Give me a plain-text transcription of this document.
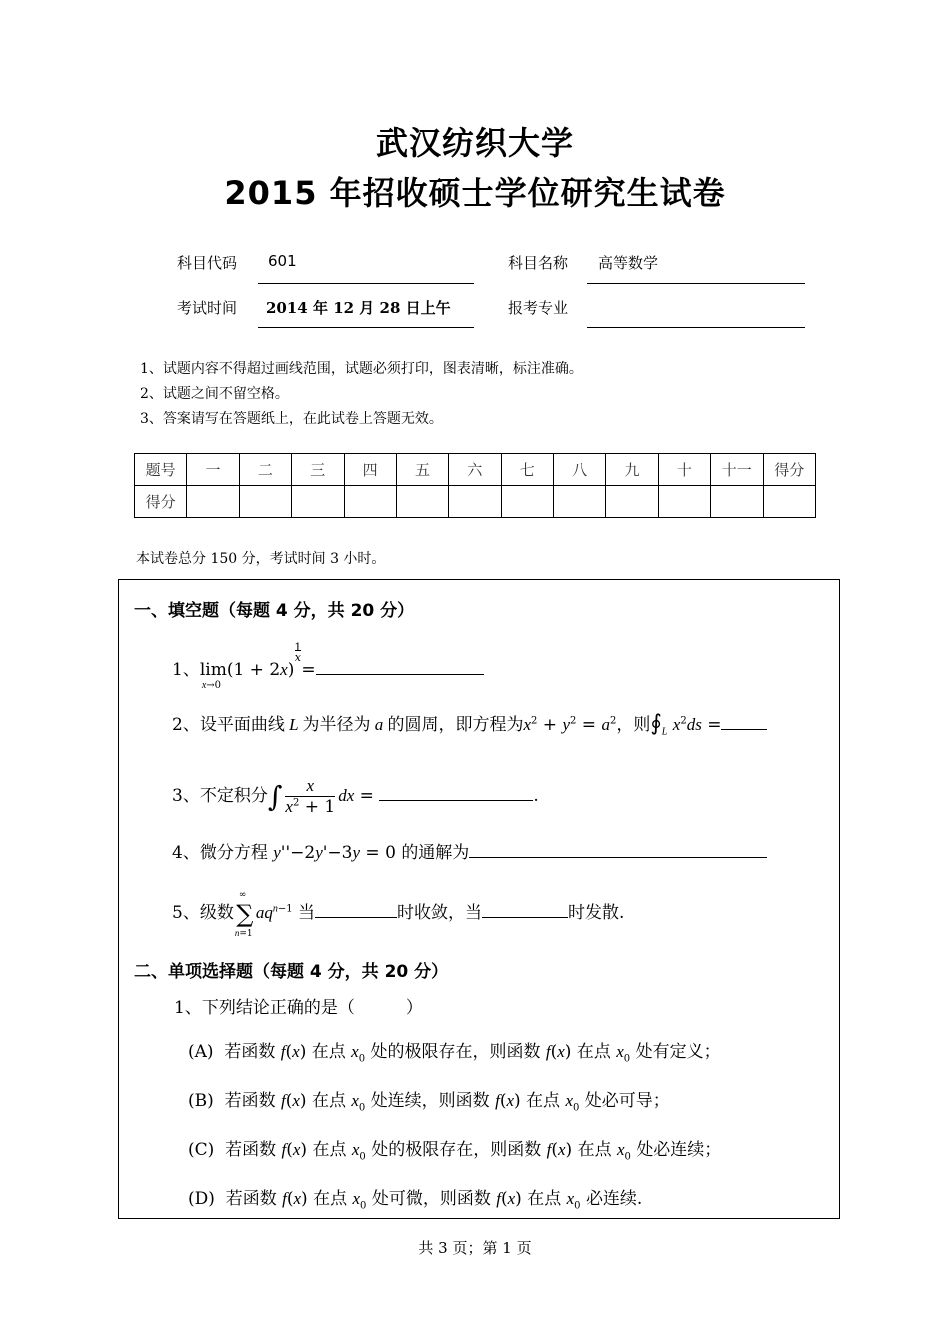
武汉纺织大学
2015 年招收硕士学位研究生试卷
科目代码 601	科目名称 高等数学
考试时间 2014 年 12 月 28 日上午	报考专业
1、试题内容不得超过画线范围，试题必须打印，图表清晰，标注准确。
2、试题之间不留空格。
3、答案请写在答题纸上，在此试卷上答题无效。
题号	一	二	三	四	五	六	七	八	九	十	十一	得分
得分												
本试卷总分 150 分，考试时间 3 小时。
一、填空题（每题 4 分，共 20 分）
1、lim
x→0
$(1 + 2x)^{1 x}=$
2、设平面曲线 L 为半径为 a 的圆周，即方程为$x^2 + y^2 = a^2$，则$∮_L$ $x^2ds$ =
3、不定积分∫ $\frac{x}{x^2 + 1}$ dx =	.
4、微分方程 y''−2y'−3y = 0 的通解为
5、级数 ∑
∞
n=1
$aq^{n-1}$ 当	时收敛，当	时发散.
二、单项选择题（每题 4 分，共 20 分）
1、下列结论正确的是（　　　）
(A) 若函数 f(x) 在点 $x_0$ 处的极限存在，则函数 f(x) 在点 $x_0$ 处有定义；
(B) 若函数 f(x) 在点 $x_0$ 处连续，则函数 f(x) 在点 $x_0$ 处必可导；
(C) 若函数 f(x) 在点 $x_0$ 处的极限存在，则函数 f(x) 在点 $x_0$ 处必连续；
(D) 若函数 f(x) 在点 $x_0$ 处可微，则函数 f(x) 在点 $x_0$ 必连续.
共 3 页；第 1 页
